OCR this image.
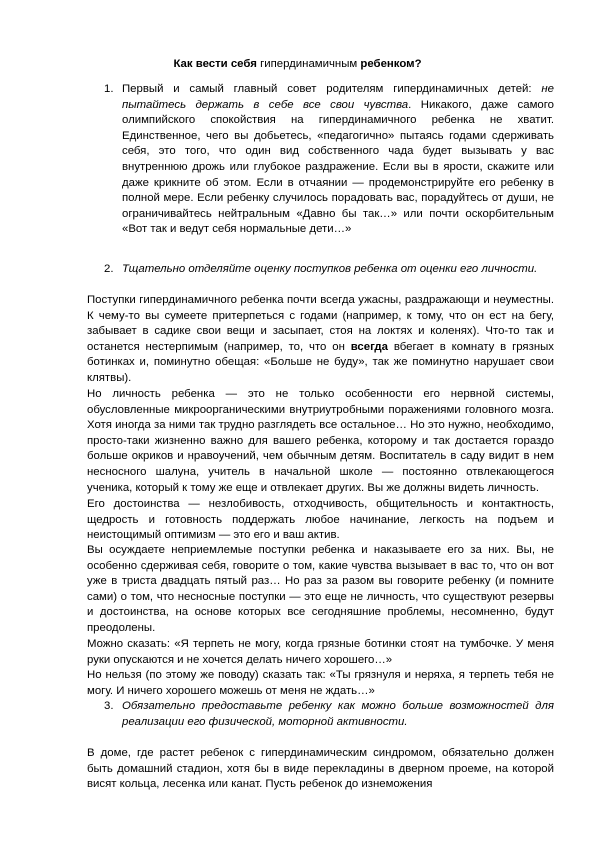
Как вести себя гипердинамичным ребенком?
1. Первый и самый главный совет родителям гипердинамичных детей: не пытайтесь держать в себе все свои чувства. Никакого, даже самого олимпийского спокойствия на гипердинамичного ребенка не хватит. Единственное, чего вы добьетесь, «педагогично» пытаясь годами сдерживать себя, это того, что один вид собственного чада будет вызывать у вас внутреннюю дрожь или глубокое раздражение. Если вы в ярости, скажите или даже крикните об этом. Если в отчаянии — продемонстрируйте его ребенку в полной мере. Если ребенку случилось порадовать вас, порадуйтесь от души, не ограничивайтесь нейтральным «Давно бы так…» или почти оскорбительным «Вот так и ведут себя нормальные дети…»
2. Тщательно отделяйте оценку поступков ребенка от оценки его личности.
Поступки гипердинамичного ребенка почти всегда ужасны, раздражающи и неуместны. К чему-то вы сумеете притерпеться с годами (например, к тому, что он ест на бегу, забывает в садике свои вещи и засыпает, стоя на локтях и коленях). Что-то так и останется нестерпимым (например, то, что он всегда вбегает в комнату в грязных ботинках и, поминутно обещая: «Больше не буду», так же поминутно нарушает свои клятвы).
Но личность ребенка — это не только особенности его нервной системы, обусловленные микроорганическими внутриутробными поражениями головного мозга. Хотя иногда за ними так трудно разглядеть все остальное… Но это нужно, необходимо, просто-таки жизненно важно для вашего ребенка, которому и так достается гораздо больше окриков и нравоучений, чем обычным детям. Воспитатель в саду видит в нем несносного шалуна, учитель в начальной школе — постоянно отвлекающегося ученика, который к тому же еще и отвлекает других. Вы же должны видеть личность.
Его достоинства — незлобивость, отходчивость, общительность и контактность, щедрость и готовность поддержать любое начинание, легкость на подъем и неистощимый оптимизм — это его и ваш актив.
Вы осуждаете неприемлемые поступки ребенка и наказываете его за них. Вы, не особенно сдерживая себя, говорите о том, какие чувства вызывает в вас то, что он вот уже в триста двадцать пятый раз… Но раз за разом вы говорите ребенку (и помните сами) о том, что несносные поступки — это еще не личность, что существуют резервы и достоинства, на основе которых все сегодняшние проблемы, несомненно, будут преодолены.
Можно сказать: «Я терпеть не могу, когда грязные ботинки стоят на тумбочке. У меня руки опускаются и не хочется делать ничего хорошего…»
Но нельзя (по этому же поводу) сказать так: «Ты грязнуля и неряха, я терпеть тебя не могу. И ничего хорошего можешь от меня не ждать…»
3. Обязательно предоставьте ребенку как можно больше возможностей для реализации его физической, моторной активности.
В доме, где растет ребенок с гипердинамическим синдромом, обязательно должен быть домашний стадион, хотя бы в виде перекладины в дверном проеме, на которой висят кольца, лесенка или канат. Пусть ребенок до изнеможения
